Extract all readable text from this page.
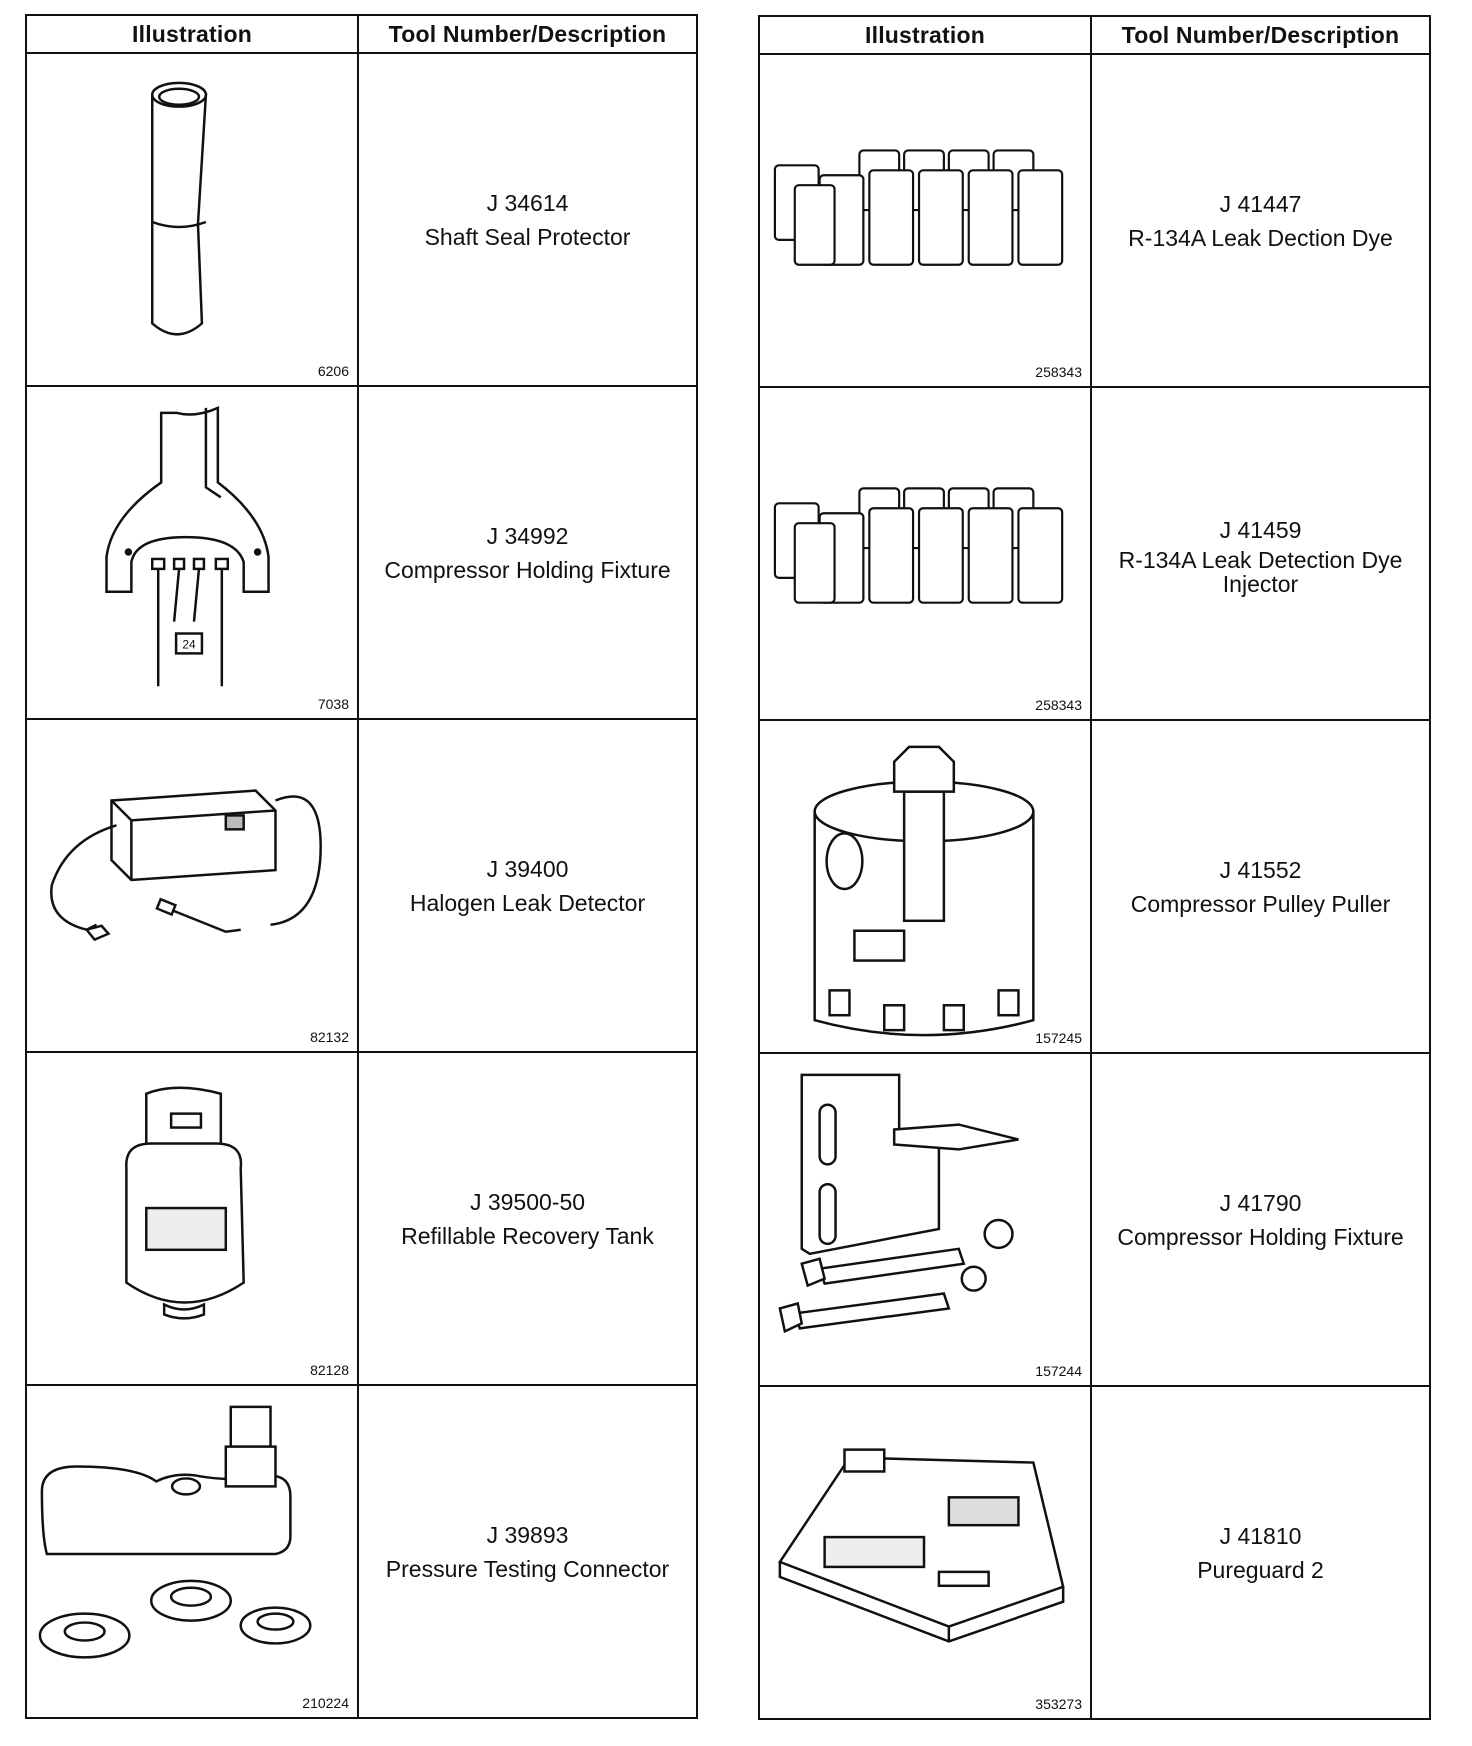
Illustration	Tool Number/Description

6206	J 34614
Shaft Seal Protector

24
7038	J 34992
Compressor Holding Fixture

82132	J 39400
Halogen Leak Detector

82128	J 39500-50
Refillable Recovery Tank

210224	J 39893
Pressure Testing Connector
Illustration	Tool Number/Description

258343	J 41447
R-134A Leak Dection Dye

258343	J 41459
R-134A Leak Detection Dye
Injector

157245	J 41552
Compressor Pulley Puller

157244	J 41790
Compressor Holding Fixture

353273	J 41810
Pureguard 2
